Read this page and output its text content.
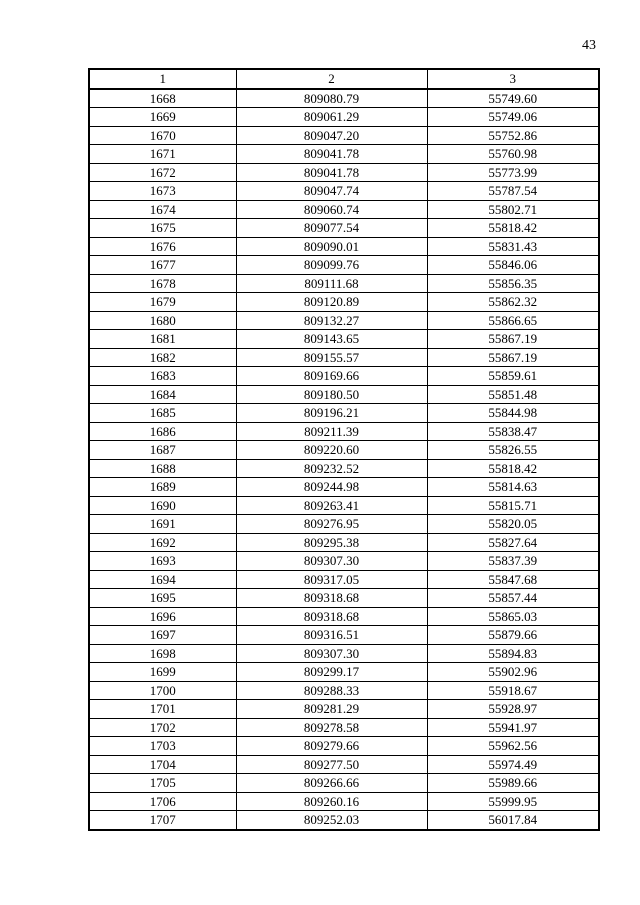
43
1	2	3
1668	809080.79	55749.60
1669	809061.29	55749.06
1670	809047.20	55752.86
1671	809041.78	55760.98
1672	809041.78	55773.99
1673	809047.74	55787.54
1674	809060.74	55802.71
1675	809077.54	55818.42
1676	809090.01	55831.43
1677	809099.76	55846.06
1678	809111.68	55856.35
1679	809120.89	55862.32
1680	809132.27	55866.65
1681	809143.65	55867.19
1682	809155.57	55867.19
1683	809169.66	55859.61
1684	809180.50	55851.48
1685	809196.21	55844.98
1686	809211.39	55838.47
1687	809220.60	55826.55
1688	809232.52	55818.42
1689	809244.98	55814.63
1690	809263.41	55815.71
1691	809276.95	55820.05
1692	809295.38	55827.64
1693	809307.30	55837.39
1694	809317.05	55847.68
1695	809318.68	55857.44
1696	809318.68	55865.03
1697	809316.51	55879.66
1698	809307.30	55894.83
1699	809299.17	55902.96
1700	809288.33	55918.67
1701	809281.29	55928.97
1702	809278.58	55941.97
1703	809279.66	55962.56
1704	809277.50	55974.49
1705	809266.66	55989.66
1706	809260.16	55999.95
1707	809252.03	56017.84
